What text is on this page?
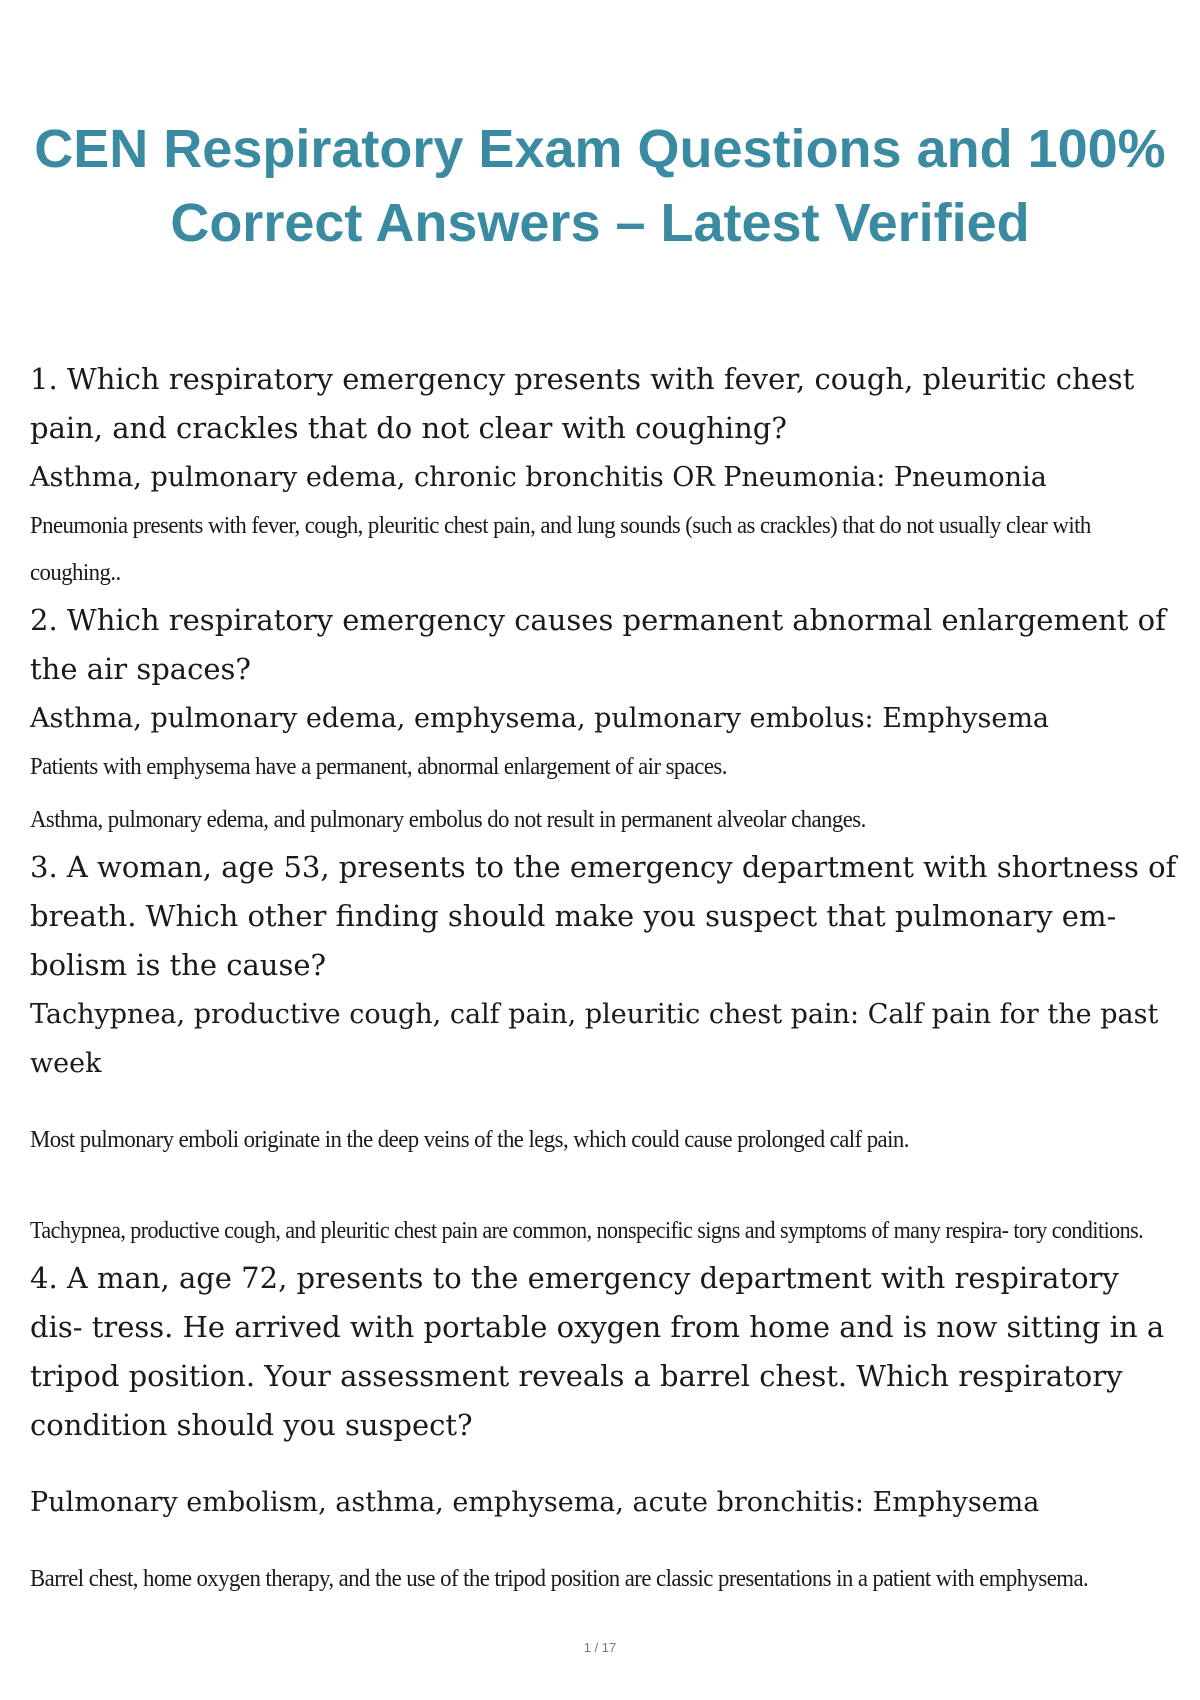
CEN Respiratory Exam Questions and 100%
Correct Answers – Latest Verified

1. Which respiratory emergency presents with fever, cough, pleuritic chest pain, and crackles that do not clear with coughing?

Asthma, pulmonary edema, chronic bronchitis OR Pneumonia: Pneumonia

Pneumonia presents with fever, cough, pleuritic chest pain, and lung sounds (such as crackles) that do not usually clear with coughing..

2. Which respiratory emergency causes permanent abnormal enlargement of the air spaces?

Asthma, pulmonary edema, emphysema, pulmonary embolus: Emphysema

Patients with emphysema have a permanent, abnormal enlargement of air spaces.

Asthma, pulmonary edema, and pulmonary embolus do not result in permanent alveolar changes.

3. A woman, age 53, presents to the emergency department with shortness of breath. Which other finding should make you suspect that pulmonary em- bolism is the cause?

Tachypnea, productive cough, calf pain, pleuritic chest pain: Calf pain for the past week

Most pulmonary emboli originate in the deep veins of the legs, which could cause prolonged calf pain.

Tachypnea, productive cough, and pleuritic chest pain are common, nonspecific signs and symptoms of many respira- tory conditions.

4. A man, age 72, presents to the emergency department with respiratory dis- tress. He arrived with portable oxygen from home and is now sitting in a tripod position. Your assessment reveals a barrel chest. Which respiratory condition should you suspect?

Pulmonary embolism, asthma, emphysema, acute bronchitis: Emphysema

Barrel chest, home oxygen therapy, and the use of the tripod position are classic presentations in a patient with emphysema.

1 / 17
